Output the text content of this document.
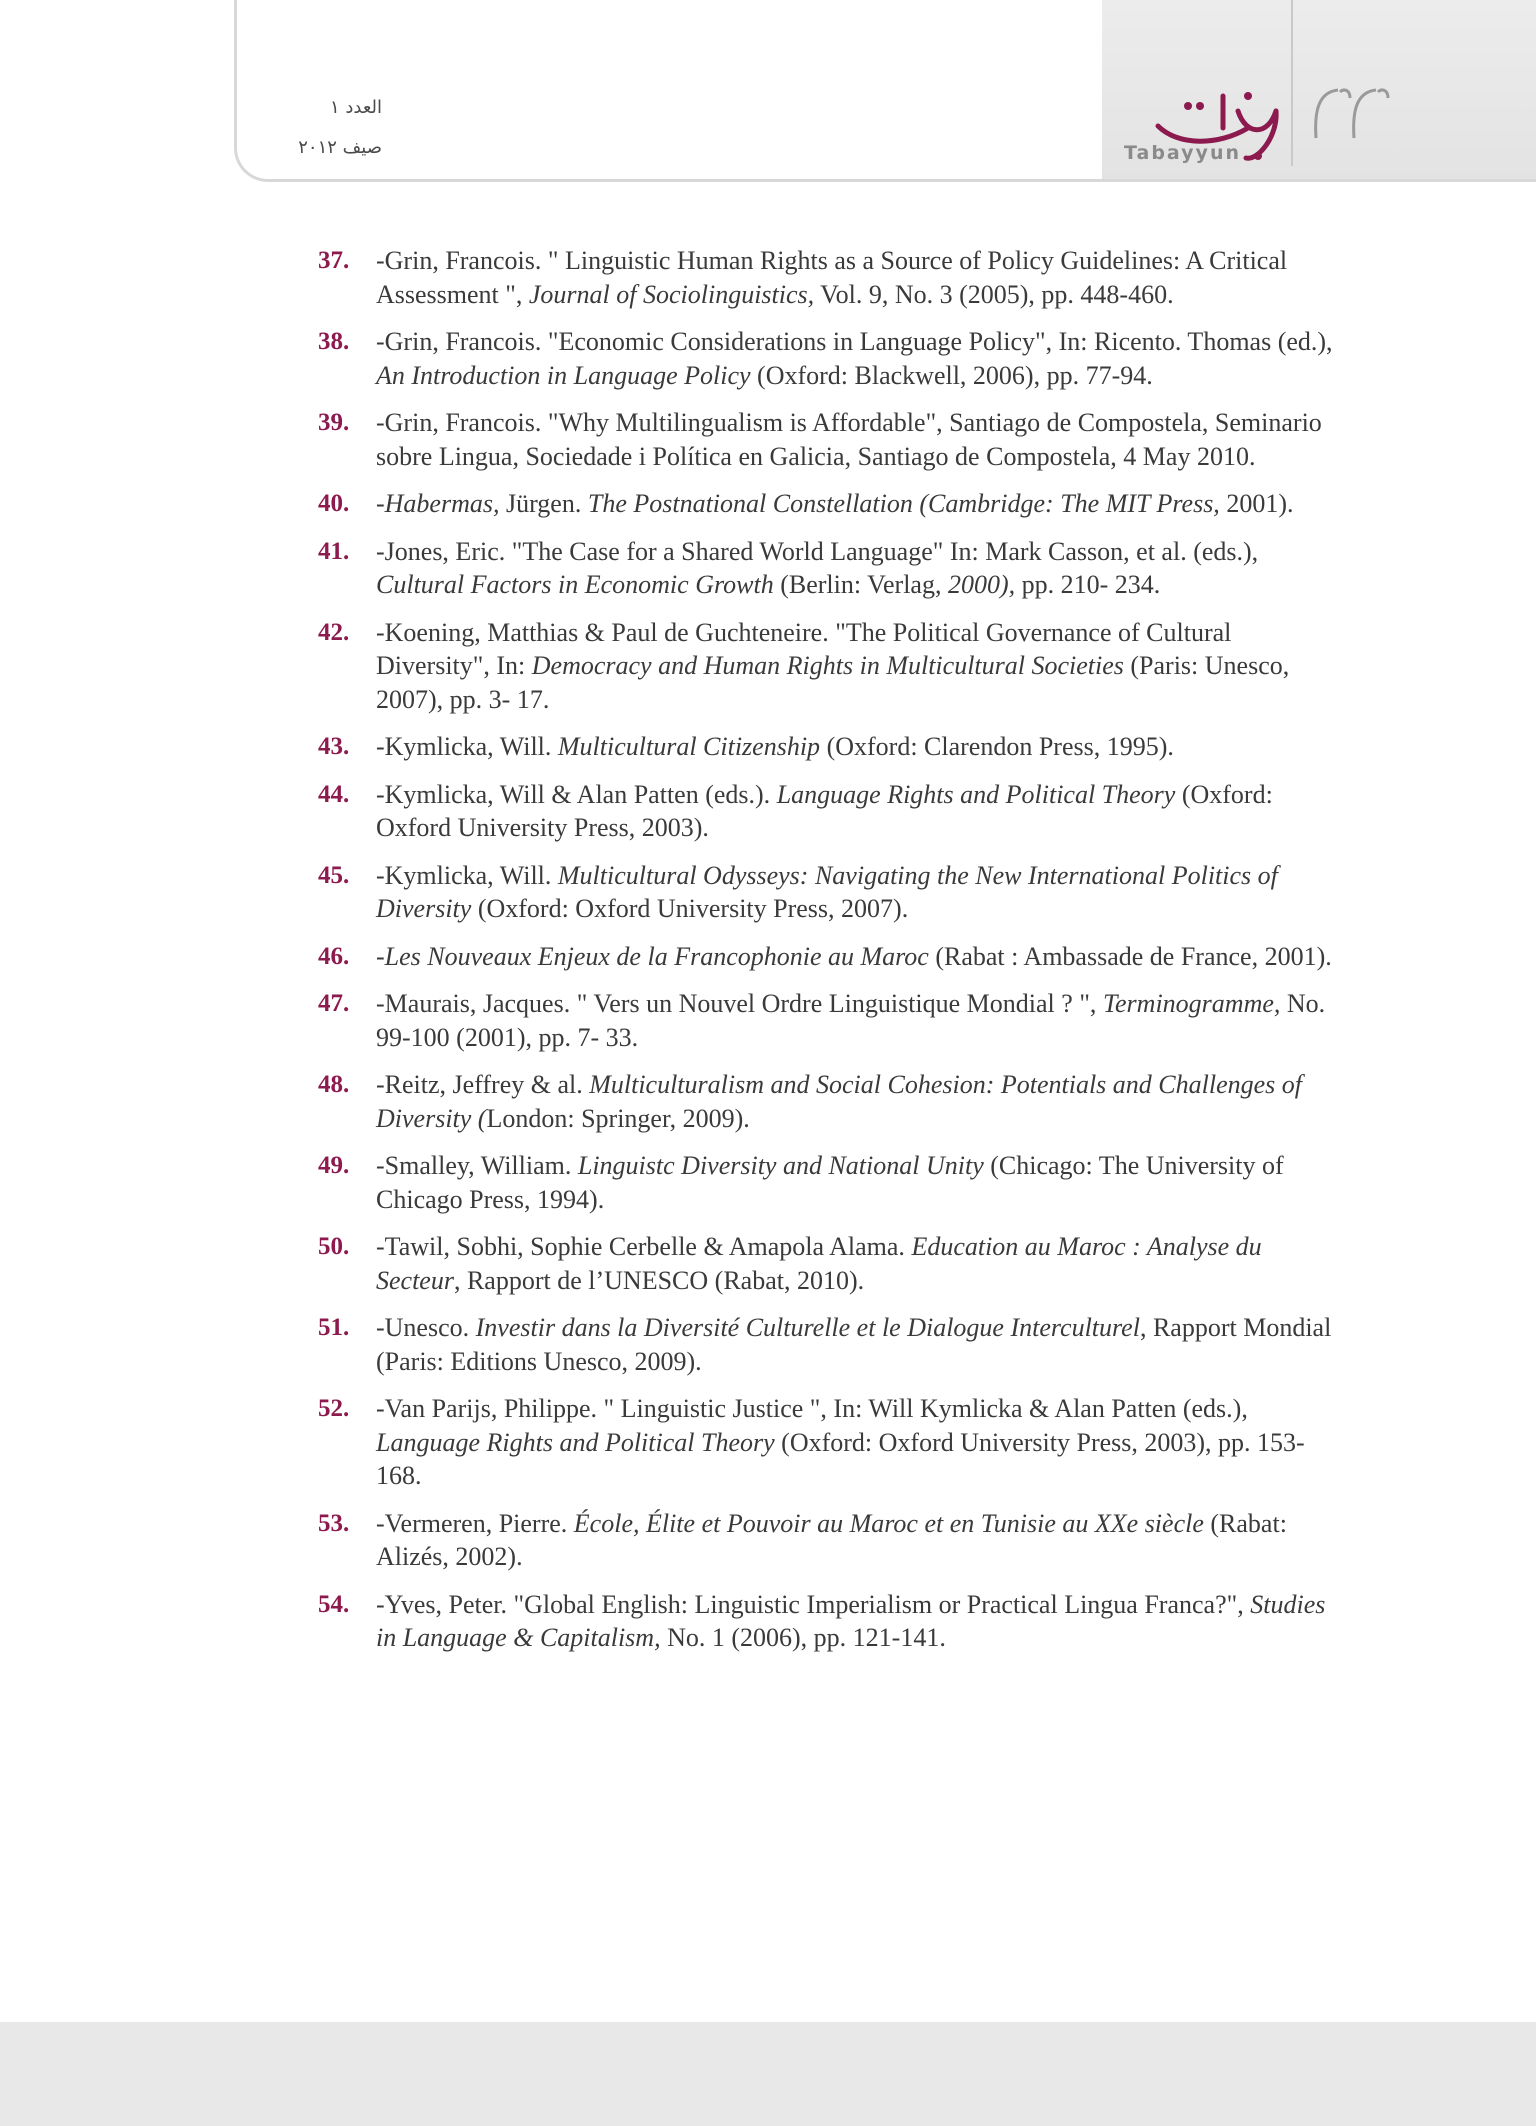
العدد ١
صيف ٢٠١٢	Tabayyun
٦٢
37.	-Grin, Francois. " Linguistic Human Rights as a Source of Policy Guidelines: A Critical Assessment ", Journal of Sociolinguistics, Vol. 9, No. 3 (2005), pp. 448-460.
38.	-Grin, Francois. "Economic Considerations in Language Policy", In: Ricento. Thomas (ed.), An Introduction in Language Policy (Oxford: Blackwell, 2006), pp. 77-94.
39.	-Grin, Francois. "Why Multilingualism is Affordable", Santiago de Compostela, Seminario sobre Lingua, Sociedade i Política en Galicia, Santiago de Compostela, 4 May 2010.
40.	-Habermas, Jürgen. The Postnational Constellation (Cambridge: The MIT Press, 2001).
41.	-Jones, Eric. "The Case for a Shared World Language" In: Mark Casson, et al. (eds.), Cultural Factors in Economic Growth (Berlin: Verlag, 2000), pp. 210- 234.
42.	-Koening, Matthias & Paul de Guchteneire. "The Political Governance of Cultural Diversity", In: Democracy and Human Rights in Multicultural Societies (Paris: Unesco, 2007), pp. 3- 17.
43.	-Kymlicka, Will. Multicultural Citizenship (Oxford: Clarendon Press, 1995).
44.	-Kymlicka, Will & Alan Patten (eds.). Language Rights and Political Theory (Oxford: Oxford University Press, 2003).
45.	-Kymlicka, Will. Multicultural Odysseys: Navigating the New International Politics of Diversity (Oxford: Oxford University Press, 2007).
46.	-Les Nouveaux Enjeux de la Francophonie au Maroc (Rabat : Ambassade de France, 2001).
47.	-Maurais, Jacques. " Vers un Nouvel Ordre Linguistique Mondial ? ", Terminogramme, No. 99-100 (2001), pp. 7- 33.
48.	-Reitz, Jeffrey & al. Multiculturalism and Social Cohesion: Potentials and Challenges of Diversity (London: Springer, 2009).
49.	-Smalley, William. Linguistc Diversity and National Unity (Chicago: The University of Chicago Press, 1994).
50.	-Tawil, Sobhi, Sophie Cerbelle & Amapola Alama. Education au Maroc : Analyse du Secteur, Rapport de l’UNESCO (Rabat, 2010).
51.	-Unesco. Investir dans la Diversité Culturelle et le Dialogue Interculturel, Rapport Mondial (Paris: Editions Unesco, 2009).
52.	-Van Parijs, Philippe. " Linguistic Justice ", In: Will Kymlicka & Alan Patten (eds.), Language Rights and Political Theory (Oxford: Oxford University Press, 2003), pp. 153-168.
53.	-Vermeren, Pierre. École, Élite et Pouvoir au Maroc et en Tunisie au XXe siècle (Rabat: Alizés, 2002).
54.	-Yves, Peter. "Global English: Linguistic Imperialism or Practical Lingua Franca?", Studies in Language & Capitalism, No. 1 (2006), pp. 121-141.
